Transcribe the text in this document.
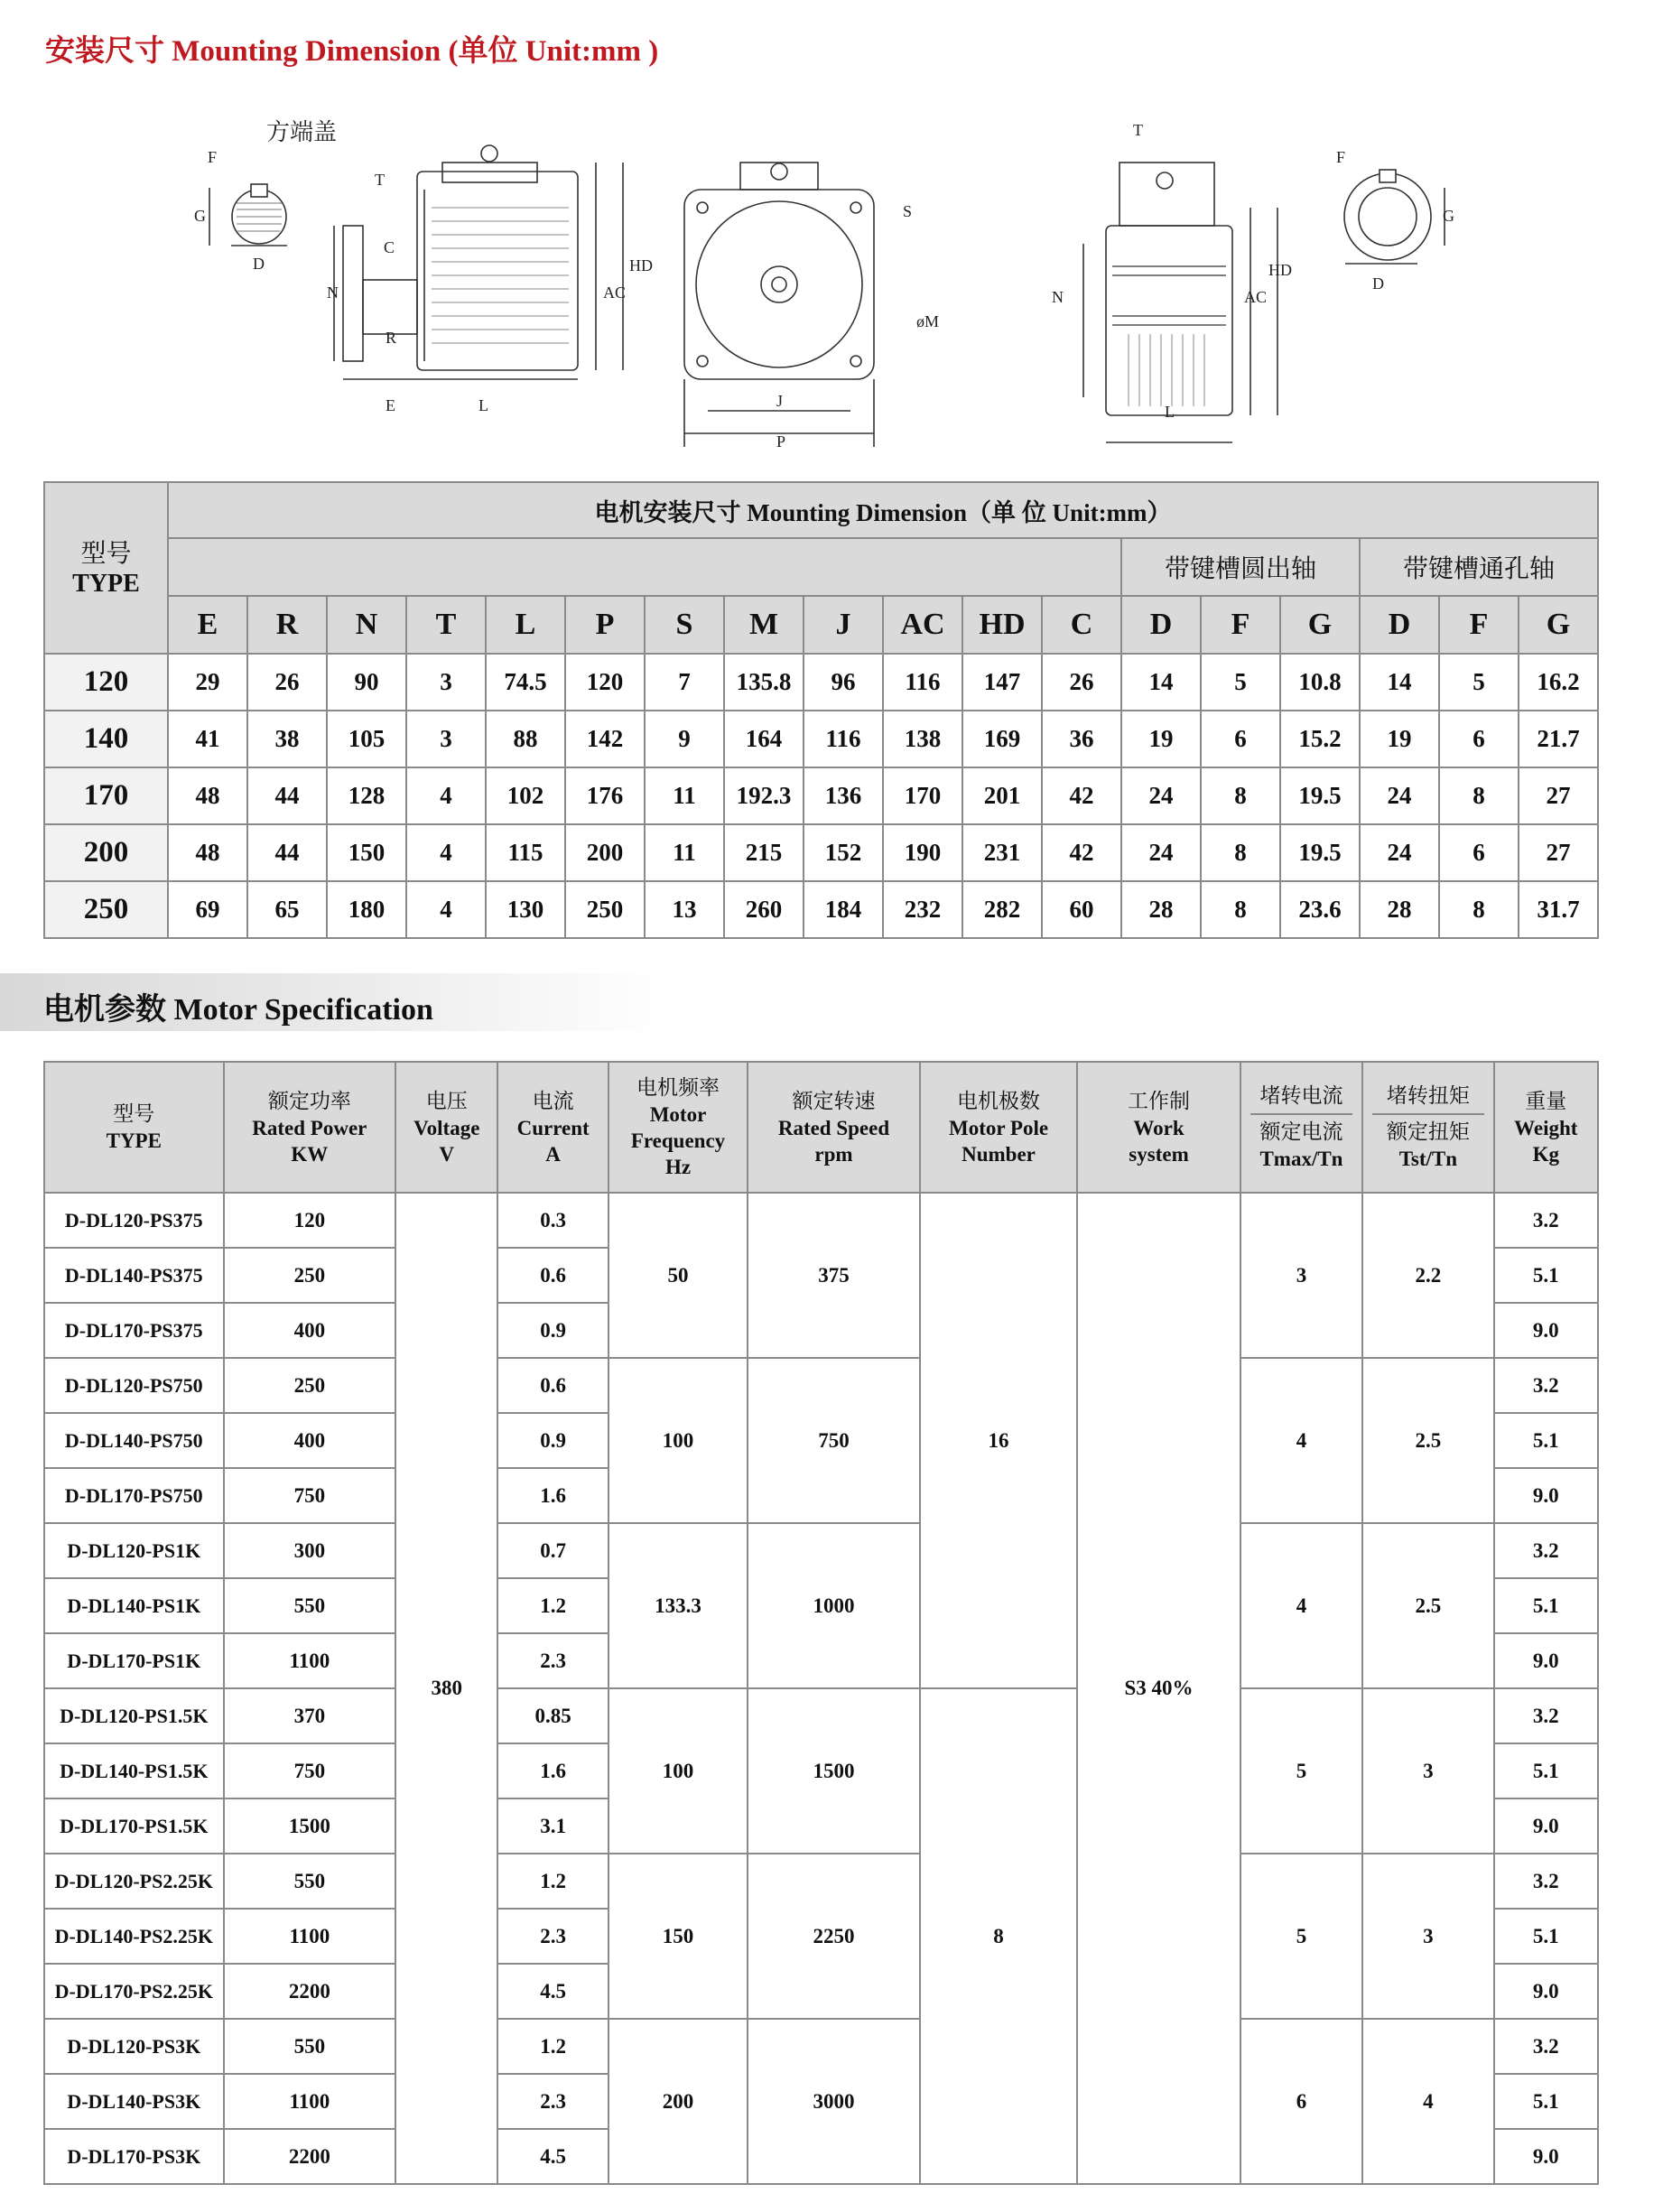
安装尺寸 Mounting Dimension (单位 Unit:mm )
方端盖
F
G
D
T
C
N
R
E	L
AC
HD
S
øM
J
P
T
N
L
AC
HD
F
G
D
型号
TYPE	电机安装尺寸 Mounting Dimension（单 位 Unit:mm）																	
													带键槽圆出轴			带键槽通孔轴		
	E	R	N	T	L	P	S	M	J	AC	HD	C	D	F	G	D	F	G
120	29	26	90	3	74.5	120	7	135.8	96	116	147	26	14	5	10.8	14	5	16.2
140	41	38	105	3	88	142	9	164	116	138	169	36	19	6	15.2	19	6	21.7
170	48	44	128	4	102	176	11	192.3	136	170	201	42	24	8	19.5	24	8	27
200	48	44	150	4	115	200	11	215	152	190	231	42	24	8	19.5	24	6	27
250	69	65	180	4	130	250	13	260	184	232	282	60	28	8	23.6	28	8	31.7
电机参数 Motor Specification
型号
TYPE	额定功率
Rated Power
KW	电压
Voltage
V	电流
Current
A	电机频率
Motor
Frequency
Hz	额定转速
Rated Speed
rpm	电机极数
Motor Pole
Number	工作制
Work
system	堵转电流
额定电流
Tmax/Tn	堵转扭矩
额定扭矩
Tst/Tn	重量
Weight
Kg
D-DL120-PS375	120	380	0.3	50	375	16	S3 40%	3	2.2	3.2
D-DL140-PS375	250		0.6							5.1
D-DL170-PS375	400		0.9							9.0
D-DL120-PS750	250		0.6	100	750			4	2.5	3.2
D-DL140-PS750	400		0.9							5.1
D-DL170-PS750	750		1.6							9.0
D-DL120-PS1K	300		0.7	133.3	1000			4	2.5	3.2
D-DL140-PS1K	550		1.2							5.1
D-DL170-PS1K	1100		2.3							9.0
D-DL120-PS1.5K	370		0.85	100	1500	8		5	3	3.2
D-DL140-PS1.5K	750		1.6							5.1
D-DL170-PS1.5K	1500		3.1							9.0
D-DL120-PS2.25K	550		1.2	150	2250			5	3	3.2
D-DL140-PS2.25K	1100		2.3							5.1
D-DL170-PS2.25K	2200		4.5							9.0
D-DL120-PS3K	550		1.2	200	3000			6	4	3.2
D-DL140-PS3K	1100		2.3							5.1
D-DL170-PS3K	2200		4.5							9.0
